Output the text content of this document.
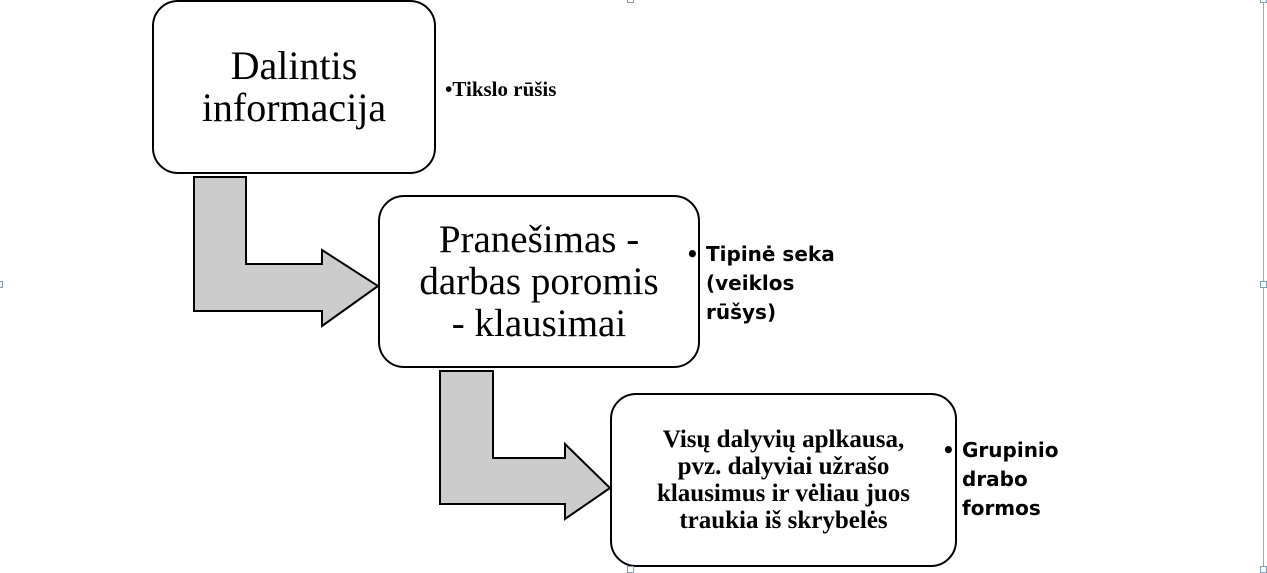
Dalintis
informacija
Pranešimas -
darbas poromis
- klausimai
Visų dalyvių aplkausa,
pvz. dalyviai užrašo
klausimus ir vėliau juos
traukia iš skrybelės
•Tikslo rūšis
• Tipinė seka
(veiklos
rūšys)
• Grupinio
drabo
formos
